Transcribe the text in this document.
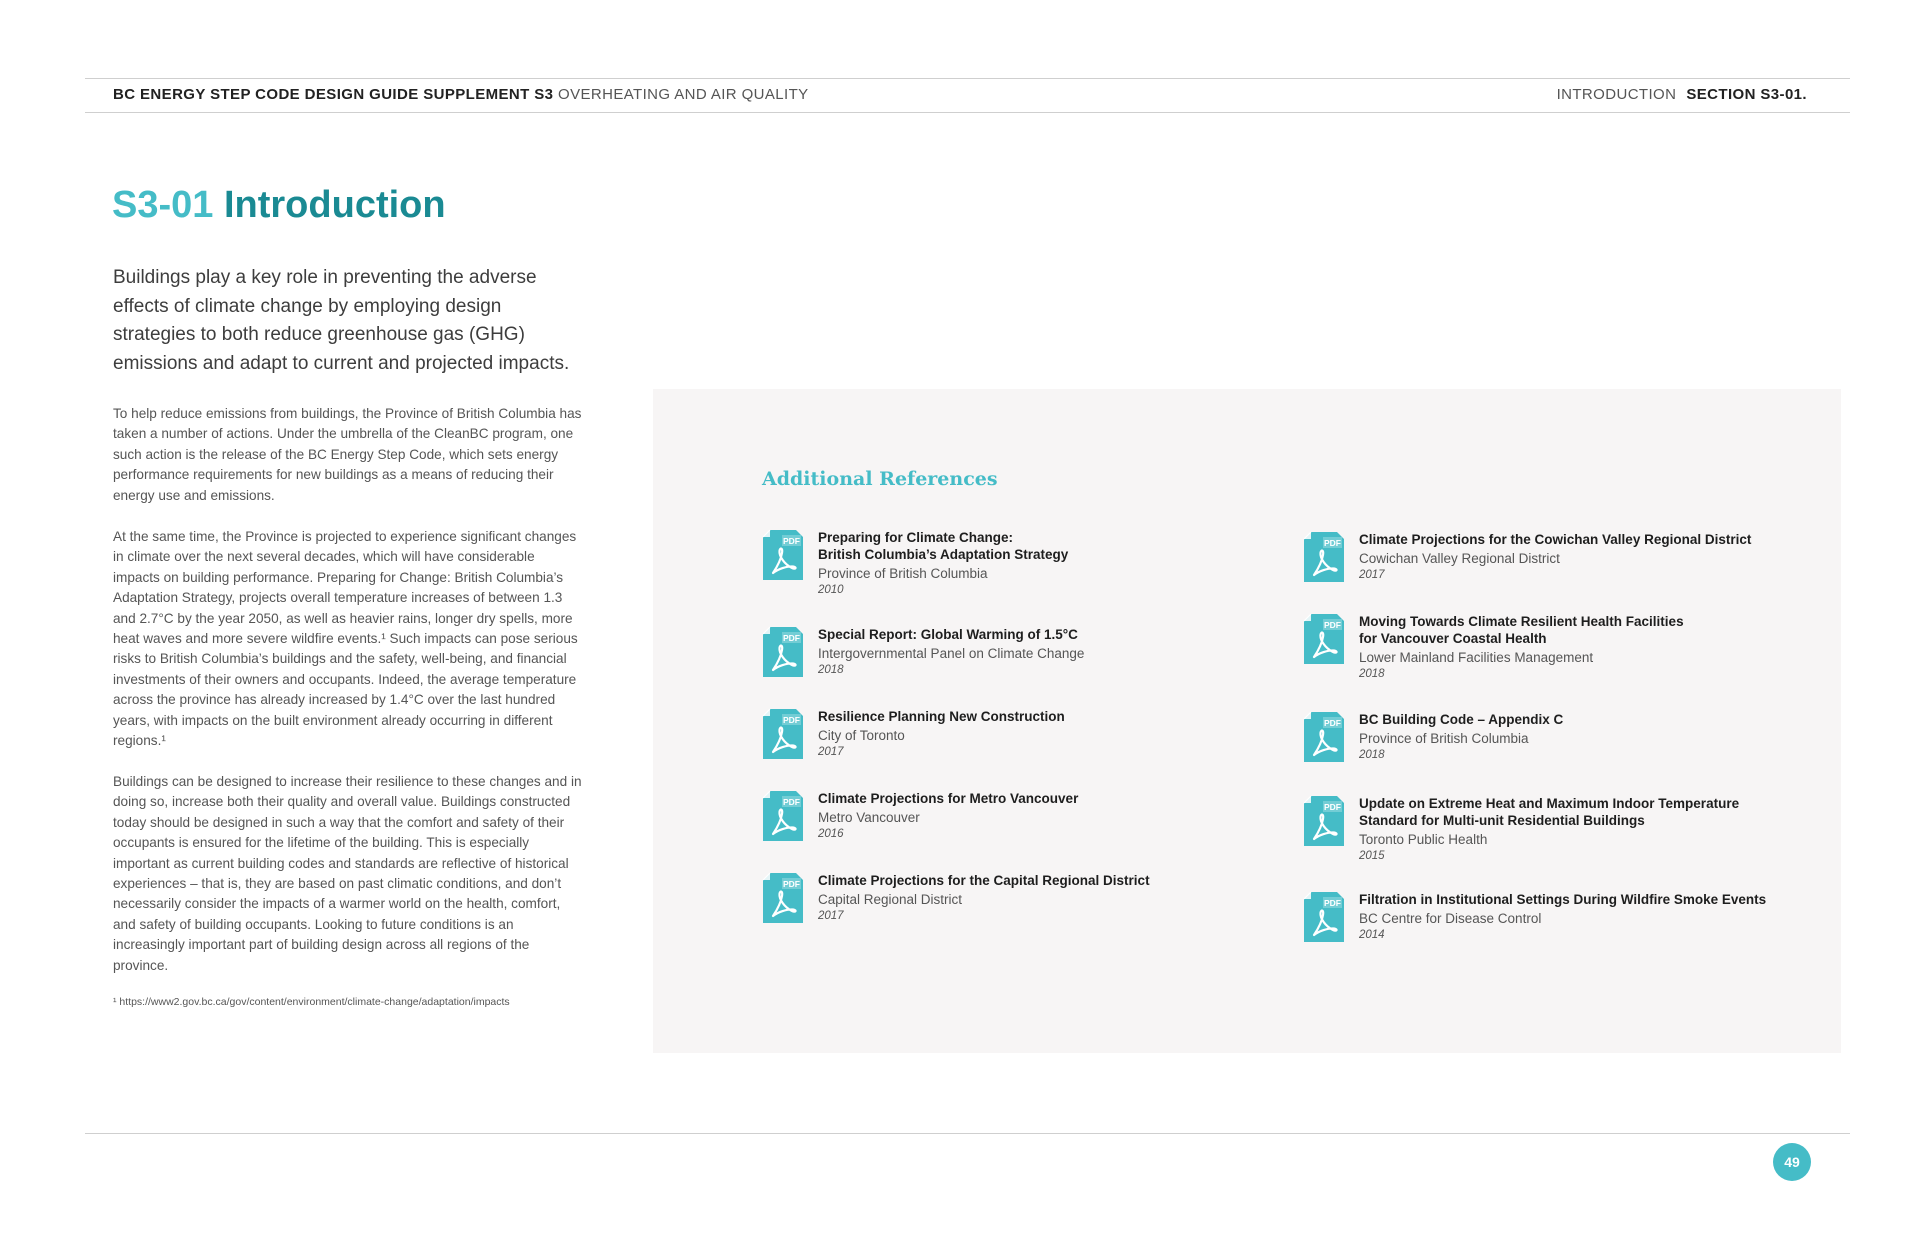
BC ENERGY STEP CODE DESIGN GUIDE SUPPLEMENT S3 OVERHEATING AND AIR QUALITY	INTRODUCTION SECTION S3-01.
S3-01 Introduction
Buildings play a key role in preventing the adverse effects of climate change by employing design strategies to both reduce greenhouse gas (GHG) emissions and adapt to current and projected impacts.
To help reduce emissions from buildings, the Province of British Columbia has taken a number of actions. Under the umbrella of the CleanBC program, one such action is the release of the BC Energy Step Code, which sets energy performance requirements for new buildings as a means of reducing their energy use and emissions.
At the same time, the Province is projected to experience significant changes in climate over the next several decades, which will have considerable impacts on building performance. Preparing for Change: British Columbia’s Adaptation Strategy, projects overall temperature increases of between 1.3 and 2.7°C by the year 2050, as well as heavier rains, longer dry spells, more heat waves and more severe wildfire events.¹ Such impacts can pose serious risks to British Columbia’s buildings and the safety, well-being, and financial investments of their owners and occupants. Indeed, the average temperature across the province has already increased by 1.4°C over the last hundred years, with impacts on the built environment already occurring in different regions.¹
Buildings can be designed to increase their resilience to these changes and in doing so, increase both their quality and overall value. Buildings constructed today should be designed in such a way that the comfort and safety of their occupants is ensured for the lifetime of the building. This is especially important as current building codes and standards are reflective of historical experiences – that is, they are based on past climatic conditions, and don’t necessarily consider the impacts of a warmer world on the health, comfort, and safety of building occupants. Looking to future conditions is an increasingly important part of building design across all regions of the province.
¹ https://www2.gov.bc.ca/gov/content/environment/climate-change/adaptation/impacts
Additional References
PDF Preparing for Climate Change:
British Columbia’s Adaptation Strategy
Province of British Columbia
2010
PDF Special Report: Global Warming of 1.5°C
Intergovernmental Panel on Climate Change
2018
PDF Resilience Planning New Construction
City of Toronto
2017
PDF Climate Projections for Metro Vancouver
Metro Vancouver
2016
PDF Climate Projections for the Capital Regional District
Capital Regional District
2017
PDF Climate Projections for the Cowichan Valley Regional District
Cowichan Valley Regional District
2017
PDF Moving Towards Climate Resilient Health Facilities
for Vancouver Coastal Health
Lower Mainland Facilities Management
2018
PDF BC Building Code – Appendix C
Province of British Columbia
2018
PDF Update on Extreme Heat and Maximum Indoor Temperature
Standard for Multi-unit Residential Buildings
Toronto Public Health
2015
PDF Filtration in Institutional Settings During Wildfire Smoke Events
BC Centre for Disease Control
2014
49
